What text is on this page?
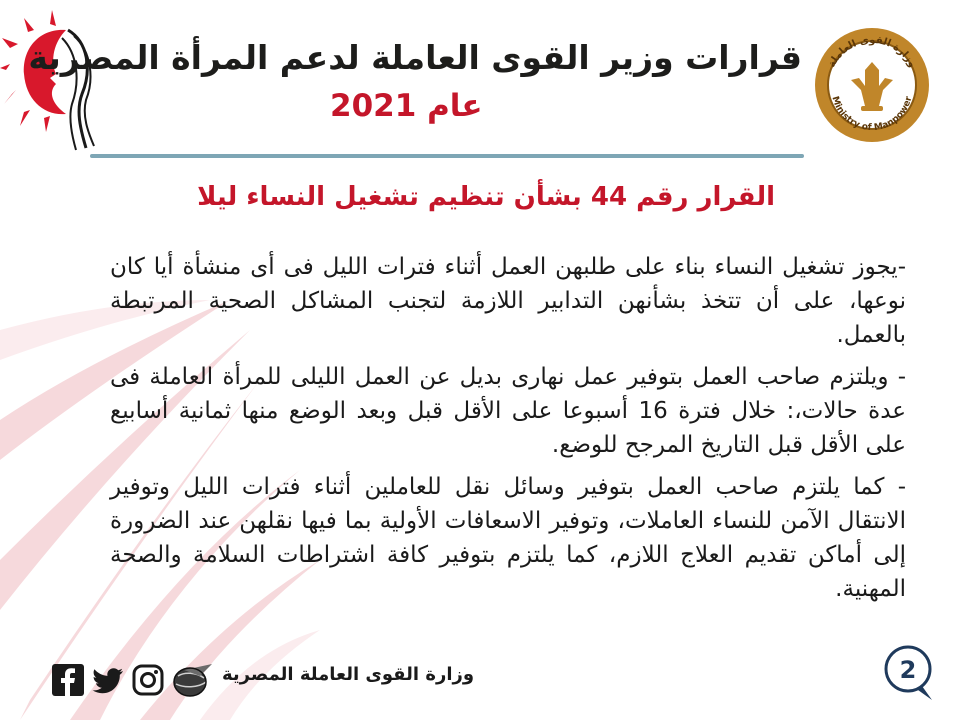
وزارة القوى العاملة
Ministry of Manpower
قرارات وزير القوى العاملة لدعم المرأة المصرية
عام 2021
القرار رقم 44 بشأن تنظيم تشغيل النساء ليلا

-يجوز تشغيل النساء بناء على طلبهن العمل أثناء فترات الليل فى أى منشأة أيا كان نوعها، على أن تتخذ بشأنهن التدابير اللازمة لتجنب المشاكل الصحية المرتبطة بالعمل.

- ويلتزم صاحب العمل بتوفير عمل نهارى بديل عن العمل الليلى للمرأة العاملة فى عدة حالات،: خلال فترة 16 أسبوعا على الأقل قبل وبعد الوضع منها ثمانية أسابيع على الأقل قبل التاريخ المرجح للوضع.

- كما يلتزم صاحب العمل بتوفير وسائل نقل للعاملين أثناء فترات الليل وتوفير الانتقال الآمن للنساء العاملات، وتوفير الاسعافات الأولية بما فيها نقلهن عند الضرورة إلى أماكن تقديم العلاج اللازم، كما يلتزم بتوفير كافة اشتراطات السلامة والصحة المهنية.

وزارة القوى العاملة المصرية	2
